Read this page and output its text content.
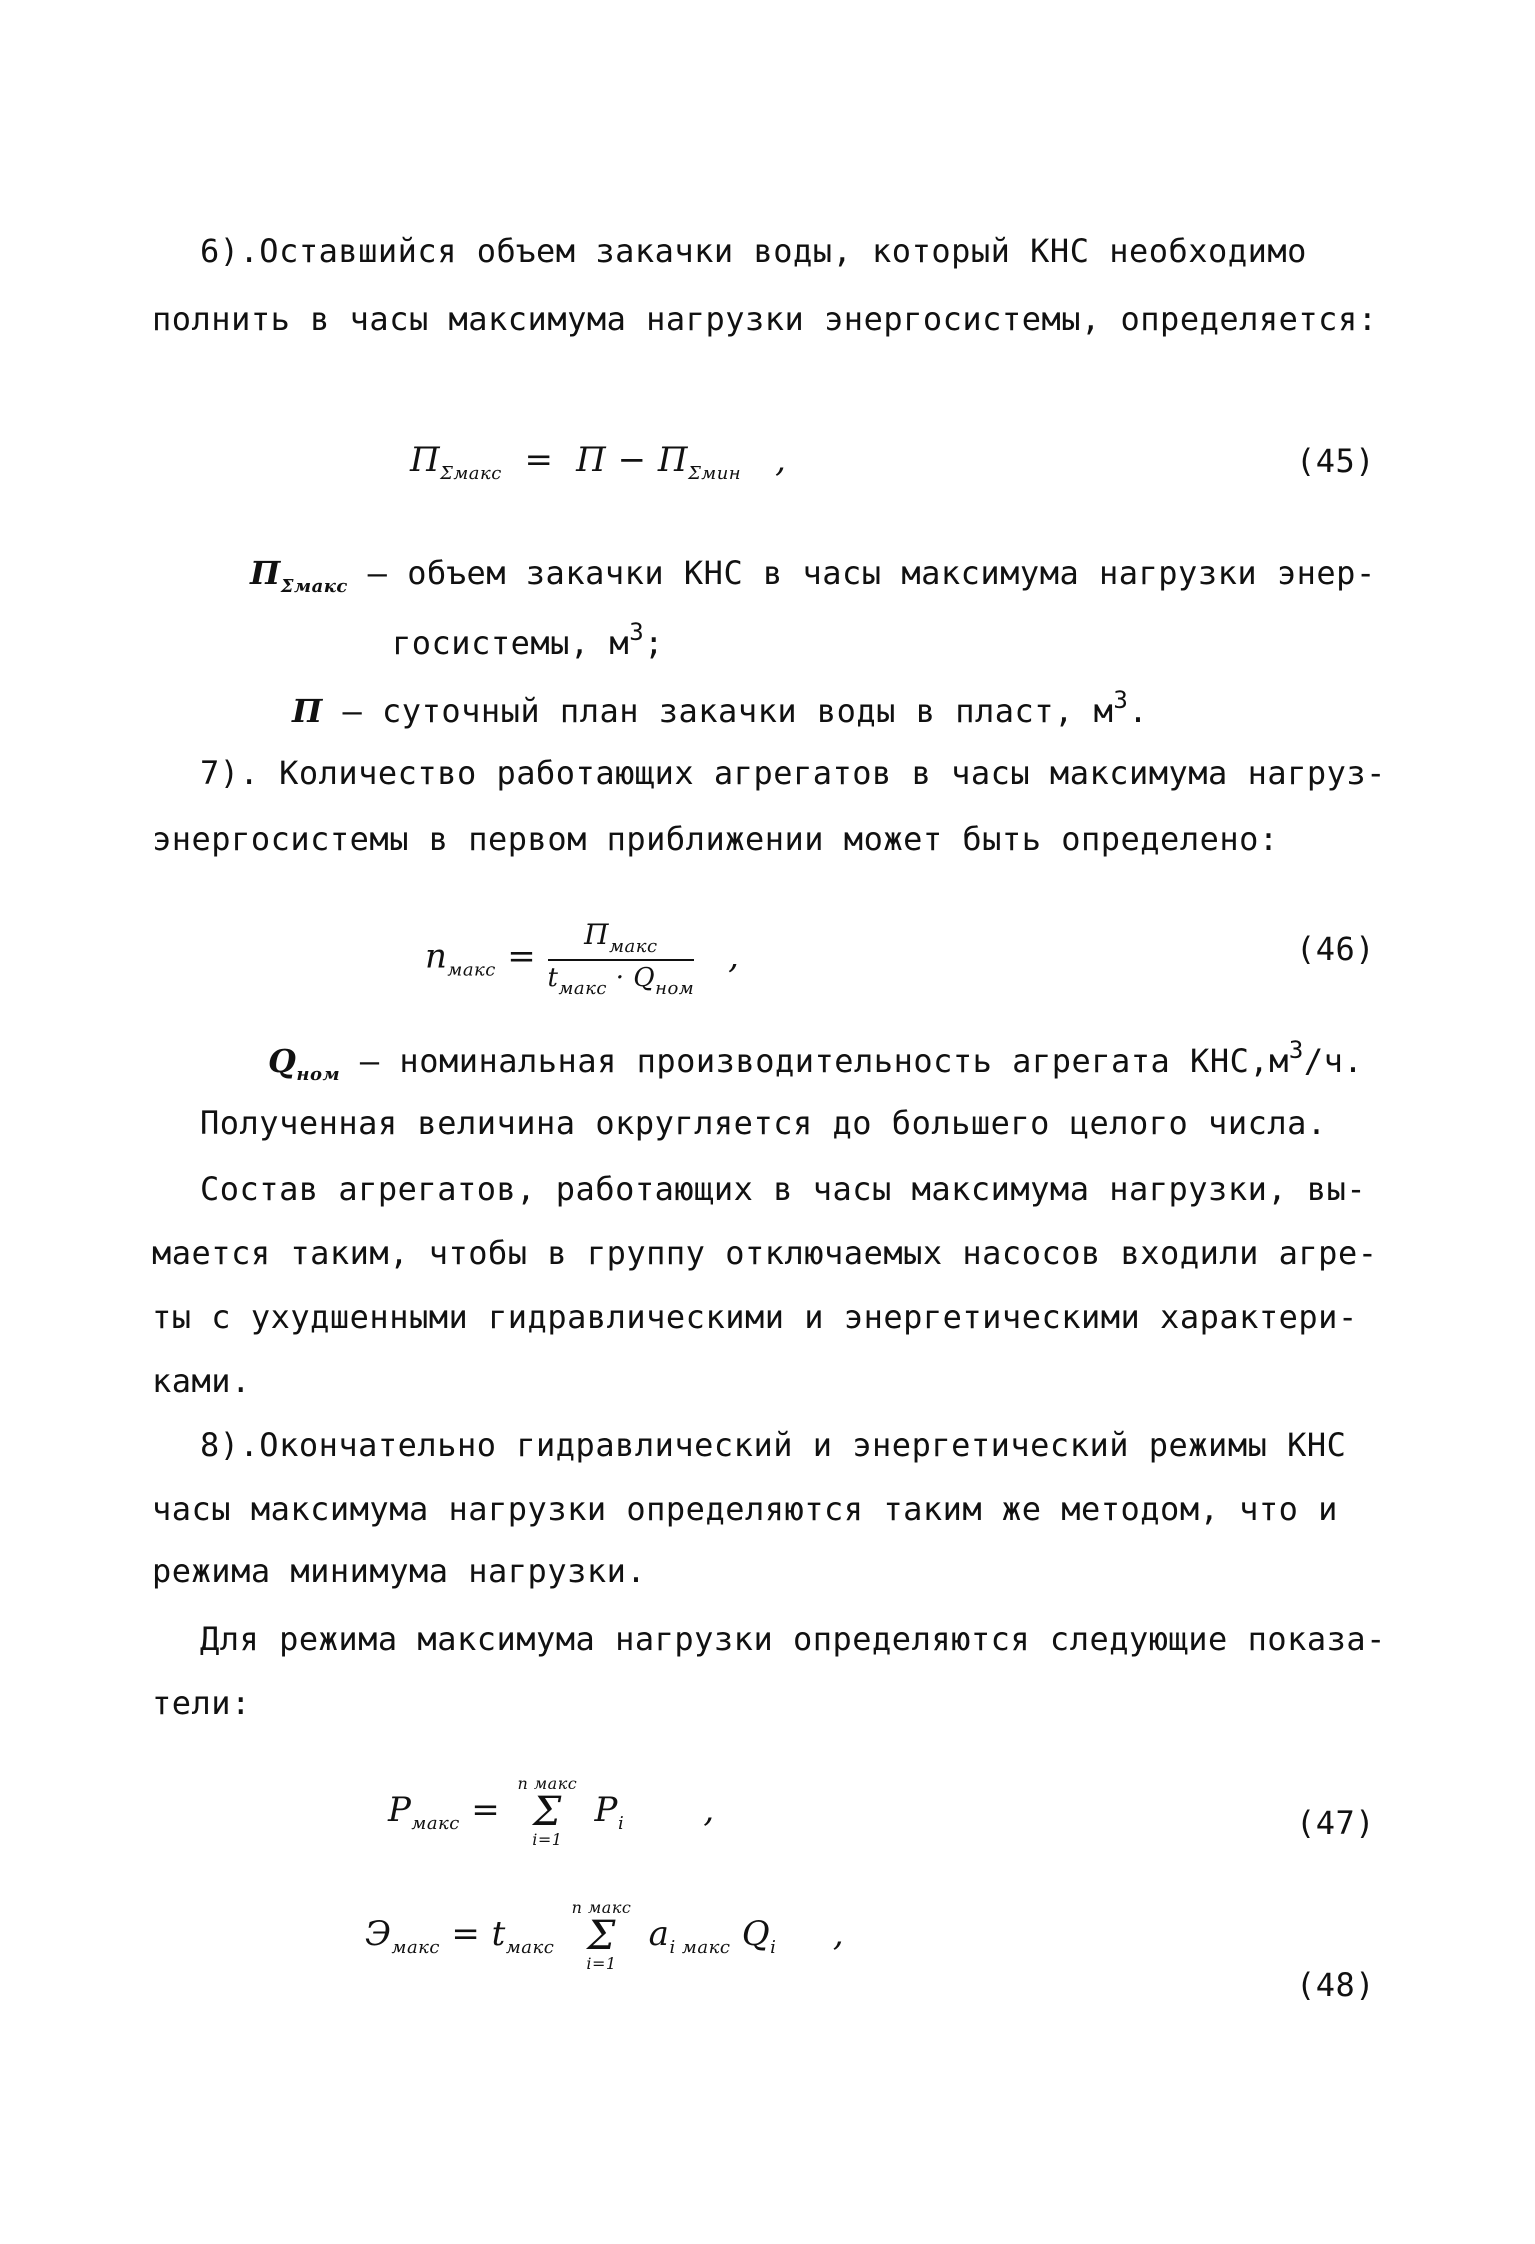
6).Оставшийся объем закачки воды, который КНС необходимо
полнить в часы максимума нагрузки энергосистемы, определяется:
$П_{\Sigma макс} = П - П_{\Sigma мин}$ ,	(45)
$П_{\Sigma макс}$ – объем закачки КНС в часы максимума нагрузки энер-
госистемы, $м^3$;
П – суточный план закачки воды в пласт, $м^3$.
7). Количество работающих агрегатов в часы максимума нагруз-
энергосистемы в первом приближении может быть определено:
$n_{макс} = \frac{П_{макс}}{t_{макс} \cdot Q_{ном}}$ ,	(46)
$Q_{ном}$ – номинальная производительность агрегата $КНС,м^3/ч$.
Полученная величина округляется до большего целого числа.
Состав агрегатов, работающих в часы максимума нагрузки, вы-
мается таким, чтобы в группу отключаемых насосов входили агре-
ты с ухудшенными гидравлическими и энергетическими характери-
ками.
8).Окончательно гидравлический и энергетический режимы КНС
часы максимума нагрузки определяются таким же методом, что и
режима минимума нагрузки.
Для режима максимума нагрузки определяются следующие показа-
тели:
$P_{макс}$ =
n макс
Σ
i=1
$P_i$ ,	(47)
$Э_{макс} = t_{макс}$
n макс
Σ
i=1
$a_{i макс}$ $Q_i$ ,
(48)
